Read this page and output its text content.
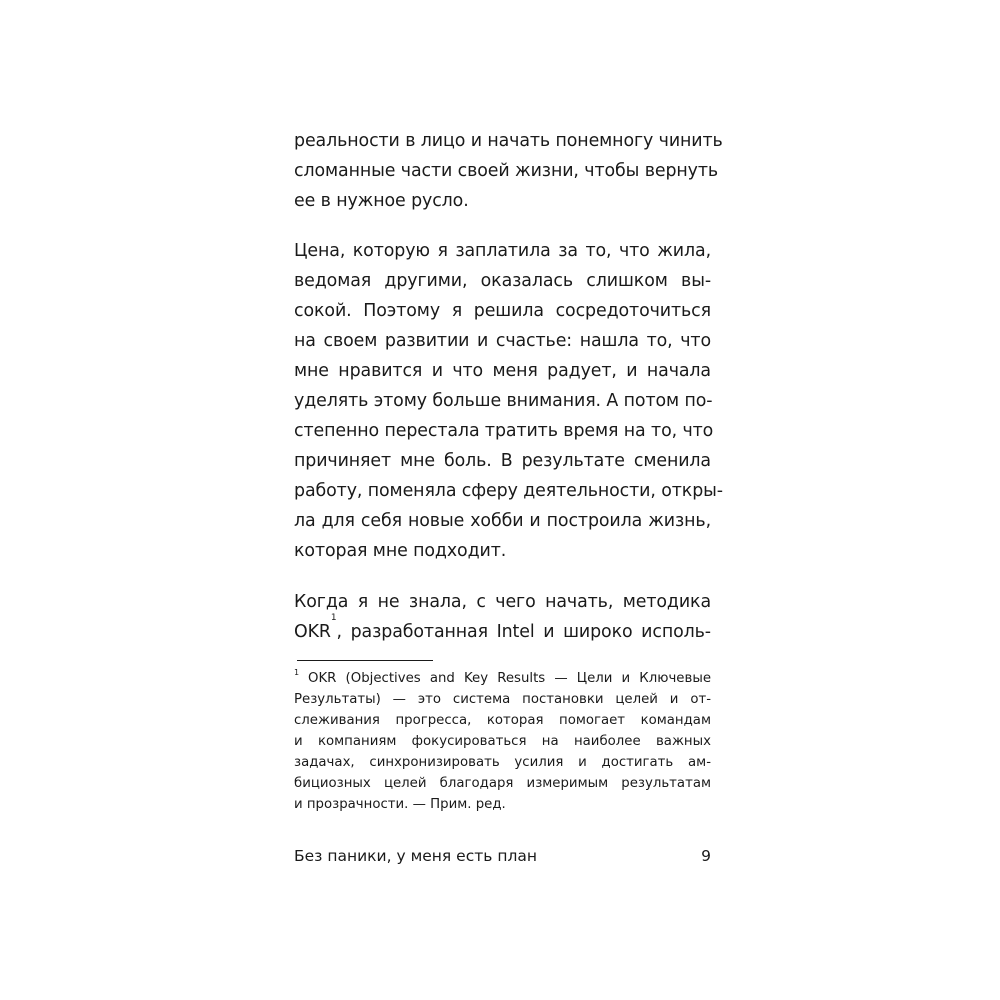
реальности в лицо и начать понемногу чинить
сломанные части своей жизни, чтобы вернуть
ее в нужное русло.
Цена, которую я заплатила за то, что жила,
ведомая другими, оказалась слишком вы-
сокой. Поэтому я решила сосредоточиться
на своем развитии и счастье: нашла то, что
мне нравится и что меня радует, и начала
уделять этому больше внимания. А потом по-
степенно перестала тратить время на то, что
причиняет мне боль. В результате сменила
работу, поменяла сферу деятельности, откры-
ла для себя новые хобби и построила жизнь,
которая мне подходит.
Когда я не знала, с чего начать, методика
OKR$^1$, разработанная Intel и широко исполь-
1 OKR (Objectives and Key Results — Цели и Ключевые
Результаты) — это система постановки целей и от-
слеживания прогресса, которая помогает командам
и компаниям фокусироваться на наиболее важных
задачах, синхронизировать усилия и достигать ам-
бициозных целей благодаря измеримым результатам
и прозрачности. — Прим. ред.
Без паники, у меня есть план	9
